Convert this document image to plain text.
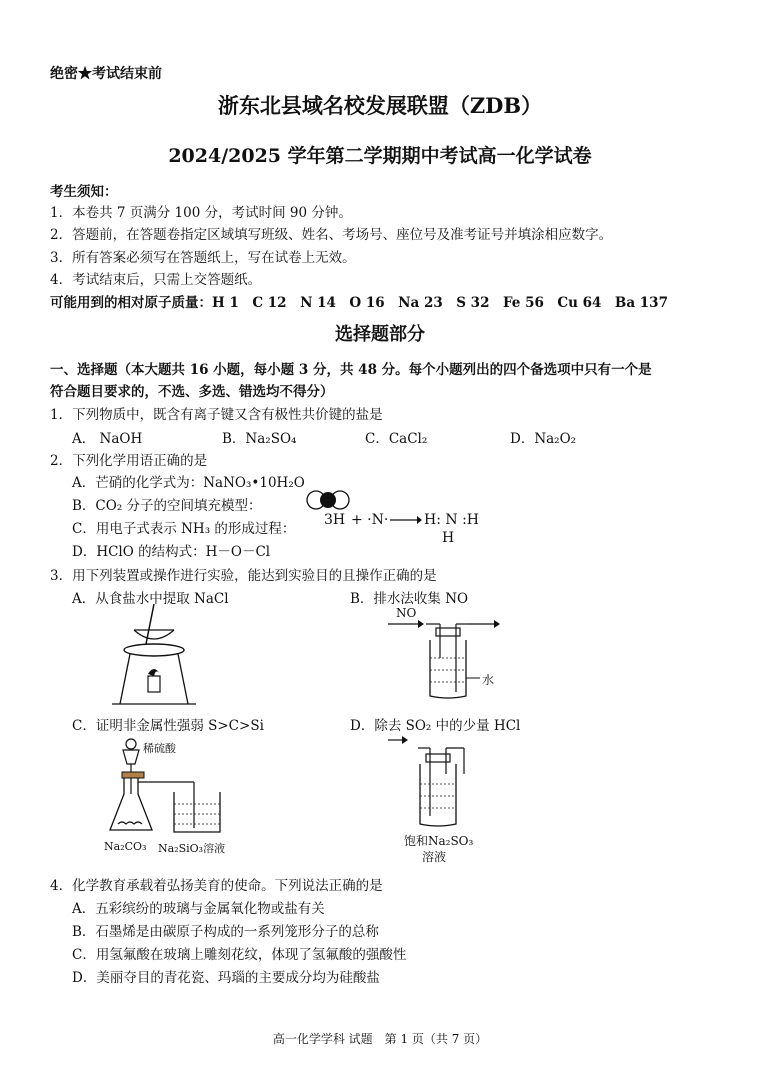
绝密★考试结束前
浙东北县域名校发展联盟（ZDB）
2024/2025 学年第二学期期中考试高一化学试卷
考生须知：
1．本卷共 7 页满分 100 分，考试时间 90 分钟。
2．答题前，在答题卷指定区域填写班级、姓名、考场号、座位号及准考证号并填涂相应数字。
3．所有答案必须写在答题纸上，写在试卷上无效。
4．考试结束后，只需上交答题纸。
可能用到的相对原子质量：H 1　C 12　N 14　O 16　Na 23　S 32　Fe 56　Cu 64　Ba 137
选择题部分
一、选择题（本大题共 16 小题，每小题 3 分，共 48 分。每个小题列出的四个备选项中只有一个是
符合题目要求的，不选、多选、错选均不得分）
1．下列物质中，既含有离子键又含有极性共价键的盐是
A． NaOH	B．Na₂SO₄	C．CaCl₂	D．Na₂O₂
2．下列化学用语正确的是
A．芒硝的化学式为：NaNO₃•10H₂O
B．CO₂ 分子的空间填充模型：
C．用电子式表示 NH₃ 的形成过程：
3H + ·N· → H: N :H
H
D．HClO 的结构式：H－O－Cl
3．用下列装置或操作进行实验，能达到实验目的且操作正确的是
A．从食盐水中提取 NaCl	B．排水法收集 NO
NO
水
C．证明非金属性强弱 S>C>Si	D．除去 SO₂ 中的少量 HCl
稀硫酸
Na₂CO₃ Na₂SiO₃溶液
饱和Na₂SO₃
溶液
4．化学教育承载着弘扬美育的使命。下列说法正确的是
A．五彩缤纷的玻璃与金属氧化物或盐有关
B．石墨烯是由碳原子构成的一系列笼形分子的总称
C．用氢氟酸在玻璃上雕刻花纹，体现了氢氟酸的强酸性
D．美丽夺目的青花瓷、玛瑙的主要成分均为硅酸盐
高一化学学科 试题　第 1 页（共 7 页）
